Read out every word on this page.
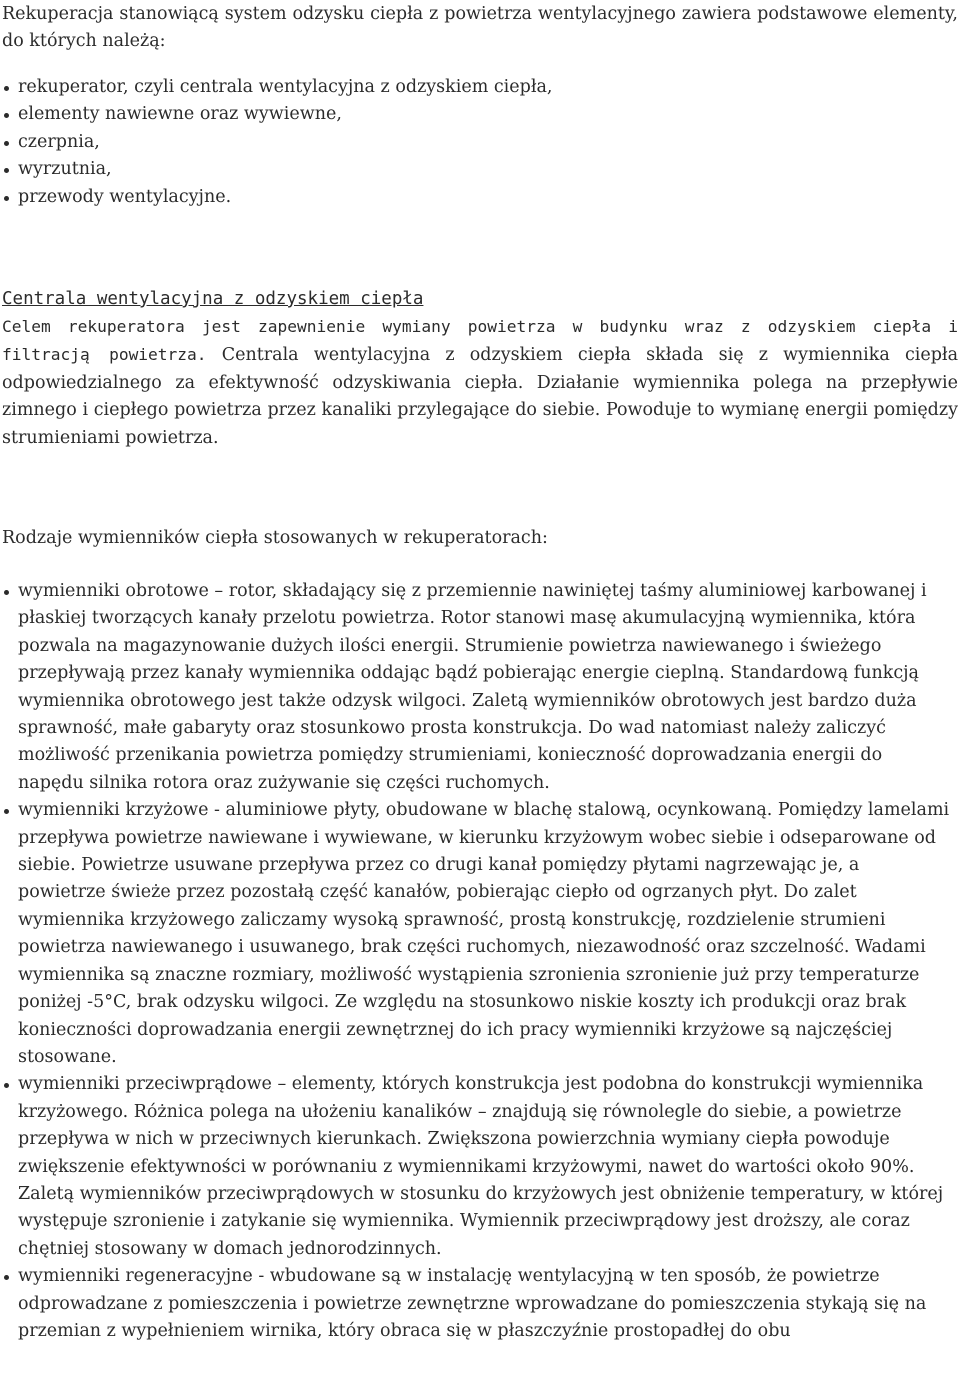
Rekuperacja stanowiącą system odzysku ciepła z powietrza wentylacyjnego zawiera podstawowe elementy, do których należą:

rekuperator, czyli centrala wentylacyjna z odzyskiem ciepła,
elementy nawiewne oraz wywiewne,
czerpnia,
wyrzutnia,
przewody wentylacyjne.
Centrala wentylacyjna z odzyskiem ciepła

Celem rekuperatora jest zapewnienie wymiany powietrza w budynku wraz z odzyskiem ciepła i filtracją powietrza. Centrala wentylacyjna z odzyskiem ciepła składa się z wymiennika ciepła odpowiedzialnego za efektywność odzyskiwania ciepła. Działanie wymiennika polega na przepływie zimnego i ciepłego powietrza przez kanaliki przylegające do siebie. Powoduje to wymianę energii pomiędzy strumieniami powietrza.

Rodzaje wymienników ciepła stosowanych w rekuperatorach:
wymienniki obrotowe – rotor, składający się z przemiennie nawiniętej taśmy aluminiowej karbowanej i płaskiej tworzących kanały przelotu powietrza. Rotor stanowi masę akumulacyjną wymiennika, która pozwala na magazynowanie dużych ilości energii. Strumienie powietrza nawiewanego i świeżego przepływają przez kanały wymiennika oddając bądź pobierając energie cieplną. Standardową funkcją wymiennika obrotowego jest także odzysk wilgoci. Zaletą wymienników obrotowych jest bardzo duża sprawność, małe gabaryty oraz stosunkowo prosta konstrukcja. Do wad natomiast należy zaliczyć możliwość przenikania powietrza pomiędzy strumieniami, konieczność doprowadzania energii do napędu silnika rotora oraz zużywanie się części ruchomych.
wymienniki krzyżowe - aluminiowe płyty, obudowane w blachę stalową, ocynkowaną. Pomiędzy lamelami przepływa powietrze nawiewane i wywiewane, w kierunku krzyżowym wobec siebie i odseparowane od siebie. Powietrze usuwane przepływa przez co drugi kanał pomiędzy płytami nagrzewając je, a powietrze świeże przez pozostałą część kanałów, pobierając ciepło od ogrzanych płyt. Do zalet wymiennika krzyżowego zaliczamy wysoką sprawność, prostą konstrukcję, rozdzielenie strumieni powietrza nawiewanego i usuwanego, brak części ruchomych, niezawodność oraz szczelność. Wadami wymiennika są znaczne rozmiary, możliwość wystąpienia szronienia szronienie już przy temperaturze poniżej -5°C, brak odzysku wilgoci. Ze względu na stosunkowo niskie koszty ich produkcji oraz brak konieczności doprowadzania energii zewnętrznej do ich pracy wymienniki krzyżowe są najczęściej stosowane.
wymienniki przeciwprądowe – elementy, których konstrukcja jest podobna do konstrukcji wymiennika krzyżowego. Różnica polega na ułożeniu kanalików – znajdują się równolegle do siebie, a powietrze przepływa w nich w przeciwnych kierunkach. Zwiększona powierzchnia wymiany ciepła powoduje zwiększenie efektywności w porównaniu z wymiennikami krzyżowymi, nawet do wartości około 90%. Zaletą wymienników przeciwprądowych w stosunku do krzyżowych jest obniżenie temperatury, w której występuje szronienie i zatykanie się wymiennika. Wymiennik przeciwprądowy jest droższy, ale coraz chętniej stosowany w domach jednorodzinnych.
wymienniki regeneracyjne - wbudowane są w instalację wentylacyjną w ten sposób, że powietrze odprowadzane z pomieszczenia i powietrze zewnętrzne wprowadzane do pomieszczenia stykają się na przemian z wypełnieniem wirnika, który obraca się w płaszczyźnie prostopadłej do obu
